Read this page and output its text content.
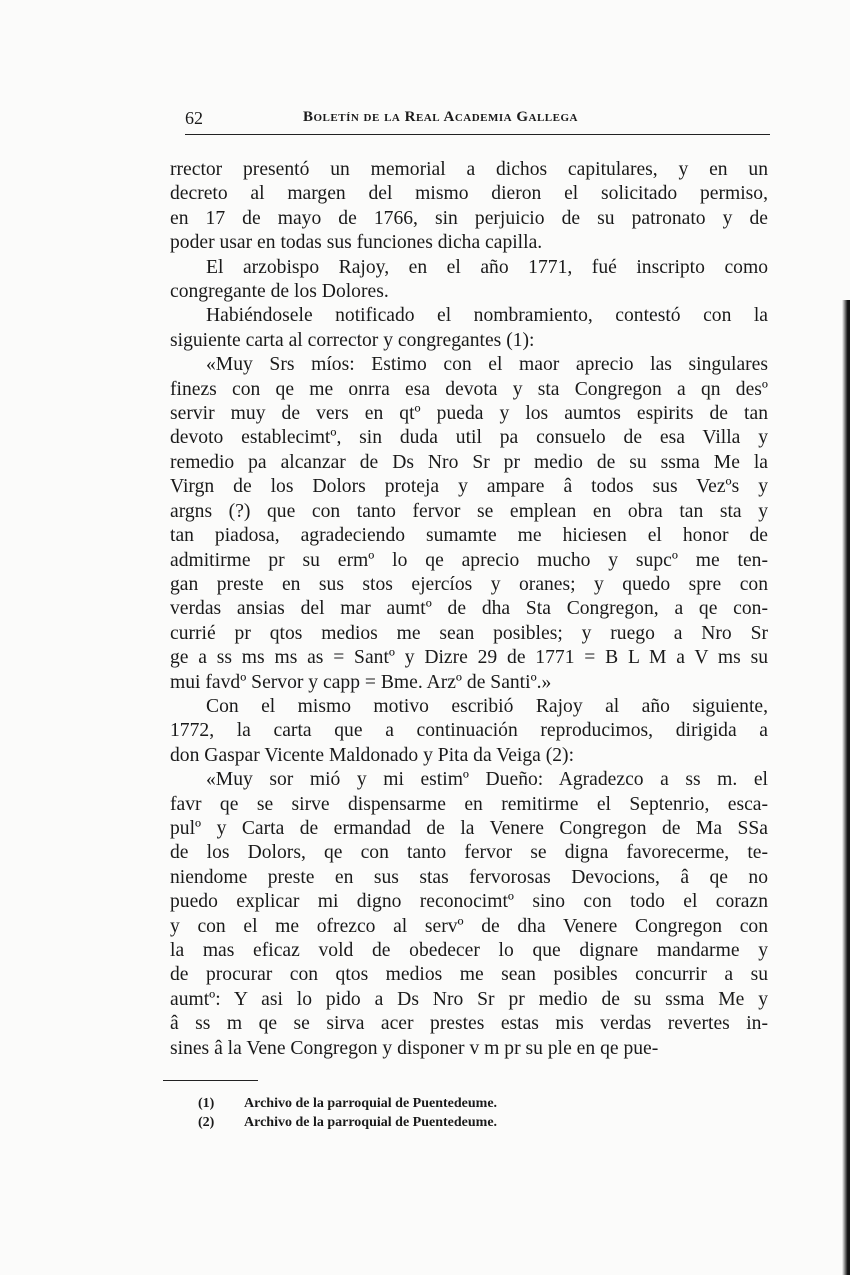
62	Boletín de la Real Academia Gallega
rrector presentó un memorial a dichos capitulares, y en un
decreto al margen del mismo dieron el solicitado permiso,
en 17 de mayo de 1766, sin perjuicio de su patronato y de
poder usar en todas sus funciones dicha capilla.
El arzobispo Rajoy, en el año 1771, fué inscripto como
congregante de los Dolores.
Habiéndosele notificado el nombramiento, contestó con la
siguiente carta al corrector y congregantes (1):
«Muy Srs míos: Estimo con el maor aprecio las singulares
finezs con qe me onrra esa devota y sta Congregon a qn desº
servir muy de vers en qtº pueda y los aumtos espirits de tan
devoto establecimtº, sin duda util pa consuelo de esa Villa y
remedio pa alcanzar de Ds Nro Sr pr medio de su ssma Me la
Virgn de los Dolors proteja y ampare â todos sus Vezºs y
argns (?) que con tanto fervor se emplean en obra tan sta y
tan piadosa, agradeciendo sumamte me hiciesen el honor de
admitirme pr su ermº lo qe aprecio mucho y supcº me ten-
gan preste en sus stos ejercíos y oranes; y quedo spre con
verdas ansias del mar aumtº de dha Sta Congregon, a qe con-
currié pr qtos medios me sean posibles; y ruego a Nro Sr
ge a ss ms ms as = Santº y Dizre 29 de 1771 = B L M a V ms su
mui favdº Servor y capp = Bme. Arzº de Santiº.»
Con el mismo motivo escribió Rajoy al año siguiente,
1772, la carta que a continuación reproducimos, dirigida a
don Gaspar Vicente Maldonado y Pita da Veiga (2):
«Muy sor mió y mi estimº Dueño: Agradezco a ss m. el
favr qe se sirve dispensarme en remitirme el Septenrio, esca-
pulº y Carta de ermandad de la Venere Congregon de Ma SSa
de los Dolors, qe con tanto fervor se digna favorecerme, te-
niendome preste en sus stas fervorosas Devocions, â qe no
puedo explicar mi digno reconocimtº sino con todo el corazn
y con el me ofrezco al servº de dha Venere Congregon con
la mas eficaz vold de obedecer lo que dignare mandarme y
de procurar con qtos medios me sean posibles concurrir a su
aumtº: Y asi lo pido a Ds Nro Sr pr medio de su ssma Me y
â ss m qe se sirva acer prestes estas mis verdas revertes in-
sines â la Vene Congregon y disponer v m pr su ple en qe pue-
(1) Archivo de la parroquial de Puentedeume.
(2) Archivo de la parroquial de Puentedeume.
